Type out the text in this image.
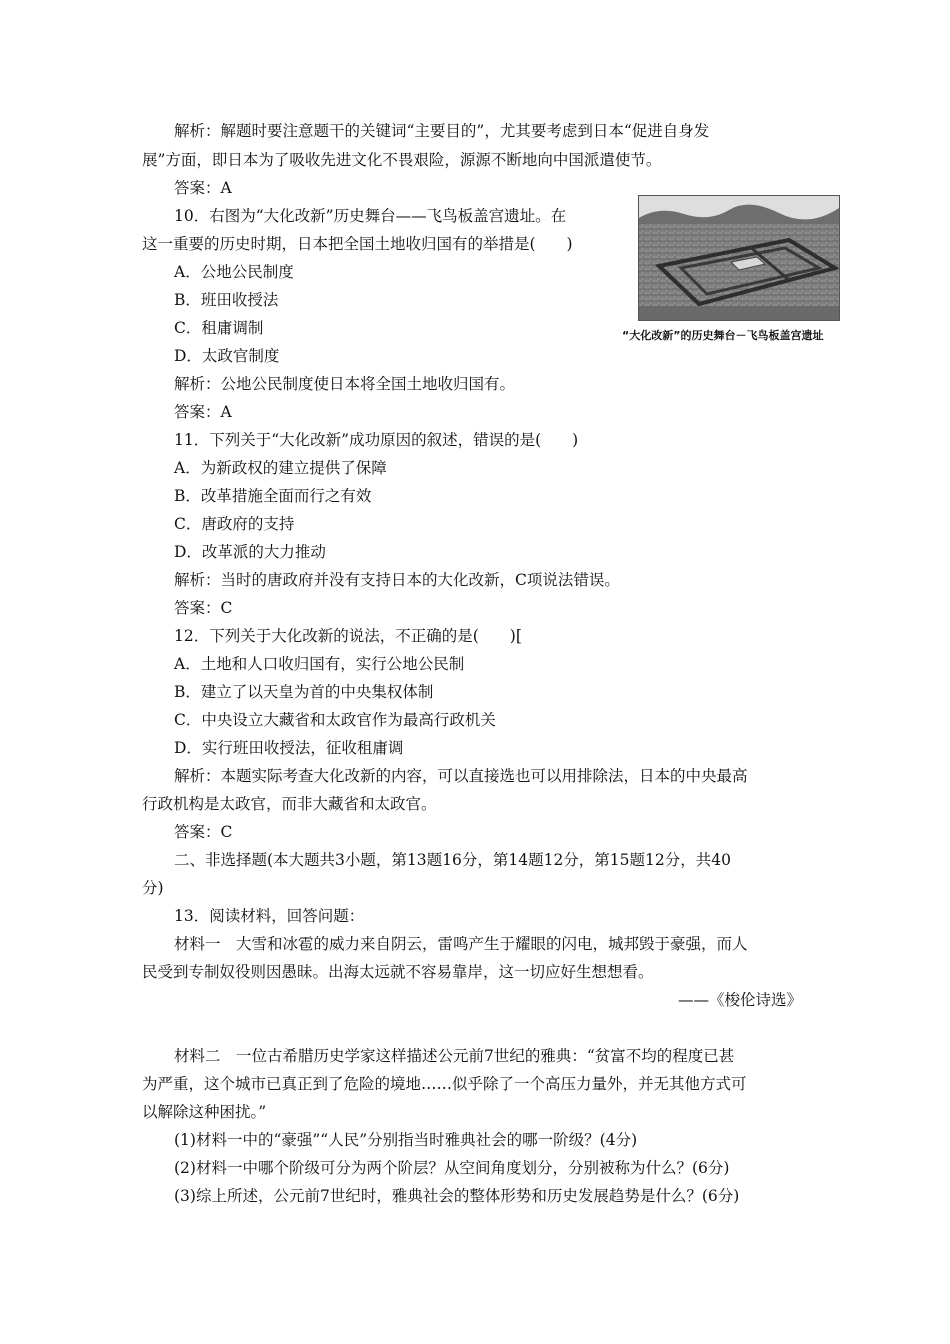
解析：解题时要注意题干的关键词“主要目的”，尤其要考虑到日本“促进自身发
展”方面，即日本为了吸收先进文化不畏艰险，源源不断地向中国派遣使节。
答案：A
10．右图为“大化改新”历史舞台——飞鸟板盖宫遗址。在
这一重要的历史时期，日本把全国土地收归国有的举措是(　　)
A．公地公民制度
B．班田收授法
C．租庸调制
D．太政官制度
解析：公地公民制度使日本将全国土地收归国有。
答案：A
“大化改新”的历史舞台－飞鸟板盖宫遗址
11．下列关于“大化改新”成功原因的叙述，错误的是(　　)
A．为新政权的建立提供了保障
B．改革措施全面而行之有效
C．唐政府的支持
D．改革派的大力推动
解析：当时的唐政府并没有支持日本的大化改新，C项说法错误。
答案：C
12．下列关于大化改新的说法，不正确的是(　　)[
A．土地和人口收归国有，实行公地公民制
B．建立了以天皇为首的中央集权体制
C．中央设立大藏省和太政官作为最高行政机关
D．实行班田收授法，征收租庸调
解析：本题实际考查大化改新的内容，可以直接选也可以用排除法，日本的中央最高
行政机构是太政官，而非大藏省和太政官。
答案：C
二、非选择题(本大题共3小题，第13题16分，第14题12分，第15题12分，共40
分)
13．阅读材料，回答问题：
材料一　大雪和冰雹的威力来自阴云，雷鸣产生于耀眼的闪电，城邦毁于豪强，而人
民受到专制奴役则因愚昧。出海太远就不容易靠岸，这一切应好生想想看。
——《梭伦诗选》
材料二　一位古希腊历史学家这样描述公元前7世纪的雅典：“贫富不均的程度已甚
为严重，这个城市已真正到了危险的境地……似乎除了一个高压力量外，并无其他方式可
以解除这种困扰。”
(1)材料一中的“豪强”“人民”分别指当时雅典社会的哪一阶级？(4分)
(2)材料一中哪个阶级可分为两个阶层？从空间角度划分，分别被称为什么？(6分)
(3)综上所述，公元前7世纪时，雅典社会的整体形势和历史发展趋势是什么？(6分)
